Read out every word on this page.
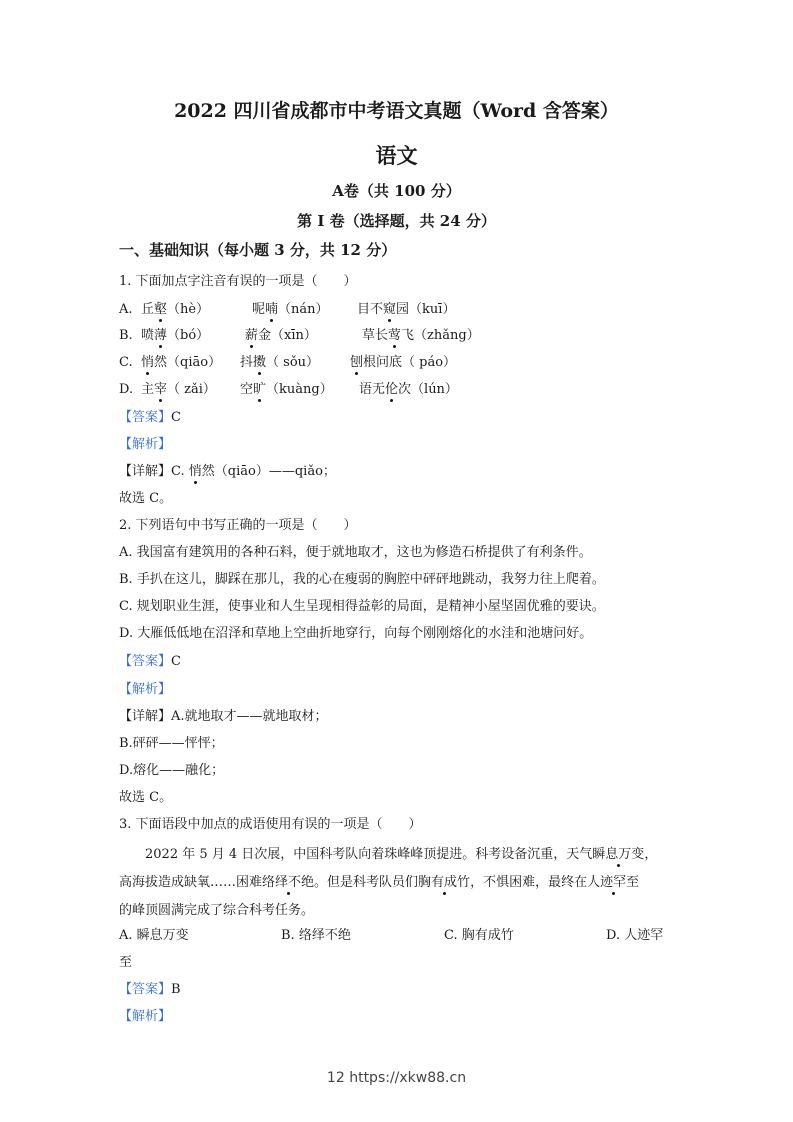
2022 四川省成都市中考语文真题（Word 含答案）
语文
A卷（共 100 分）
第 I 卷（选择题，共 24 分）
一、基础知识（每小题 3 分，共 12 分）
1. 下面加点字注音有误的一项是（　　）
A. 丘壑（hè）	呢喃（nán） 目不窥园（kuī）
B. 喷薄（bó）	薪金（xīn）	草长莺飞（zhǎng）
C. 悄然（qiāo） 抖擞（ sǒu） 刨根问底（ páo）
D. 主宰（ zǎi） 空旷（kuàng） 语无伦次（lún）
【答案】C
【解析】
【详解】C. 悄然（qiāo）——qiǎo；
故选 C。
2. 下列语句中书写正确的一项是（　　）
A. 我国富有建筑用的各种石料，便于就地取才，这也为修造石桥提供了有利条件。
B. 手扒在这儿，脚踩在那儿，我的心在瘦弱的胸腔中砰砰地跳动，我努力往上爬着。
C. 规划职业生涯，使事业和人生呈现相得益彰的局面，是精神小屋坚固优雅的要诀。
D. 大雁低低地在沼泽和草地上空曲折地穿行，向每个刚刚熔化的水洼和池塘问好。
【答案】C
【解析】
【详解】A.就地取才——就地取材；
B.砰砰——怦怦；
D.熔化——融化；
故选 C。
3. 下面语段中加点的成语使用有误的一项是（　　）
2022 年 5 月 4 日次展，中国科考队向着珠峰峰顶提进。科考设备沉重，天气瞬息万变，
高海拔造成缺氧……困难络绎不绝。但是科考队员们胸有成竹，不惧困难，最终在人迹罕至
的峰顶圆满完成了综合科考任务。
A. 瞬息万变	B. 络绎不绝	C. 胸有成竹	D. 人迹罕
至
【答案】B
【解析】
12 https://xkw88.cn
